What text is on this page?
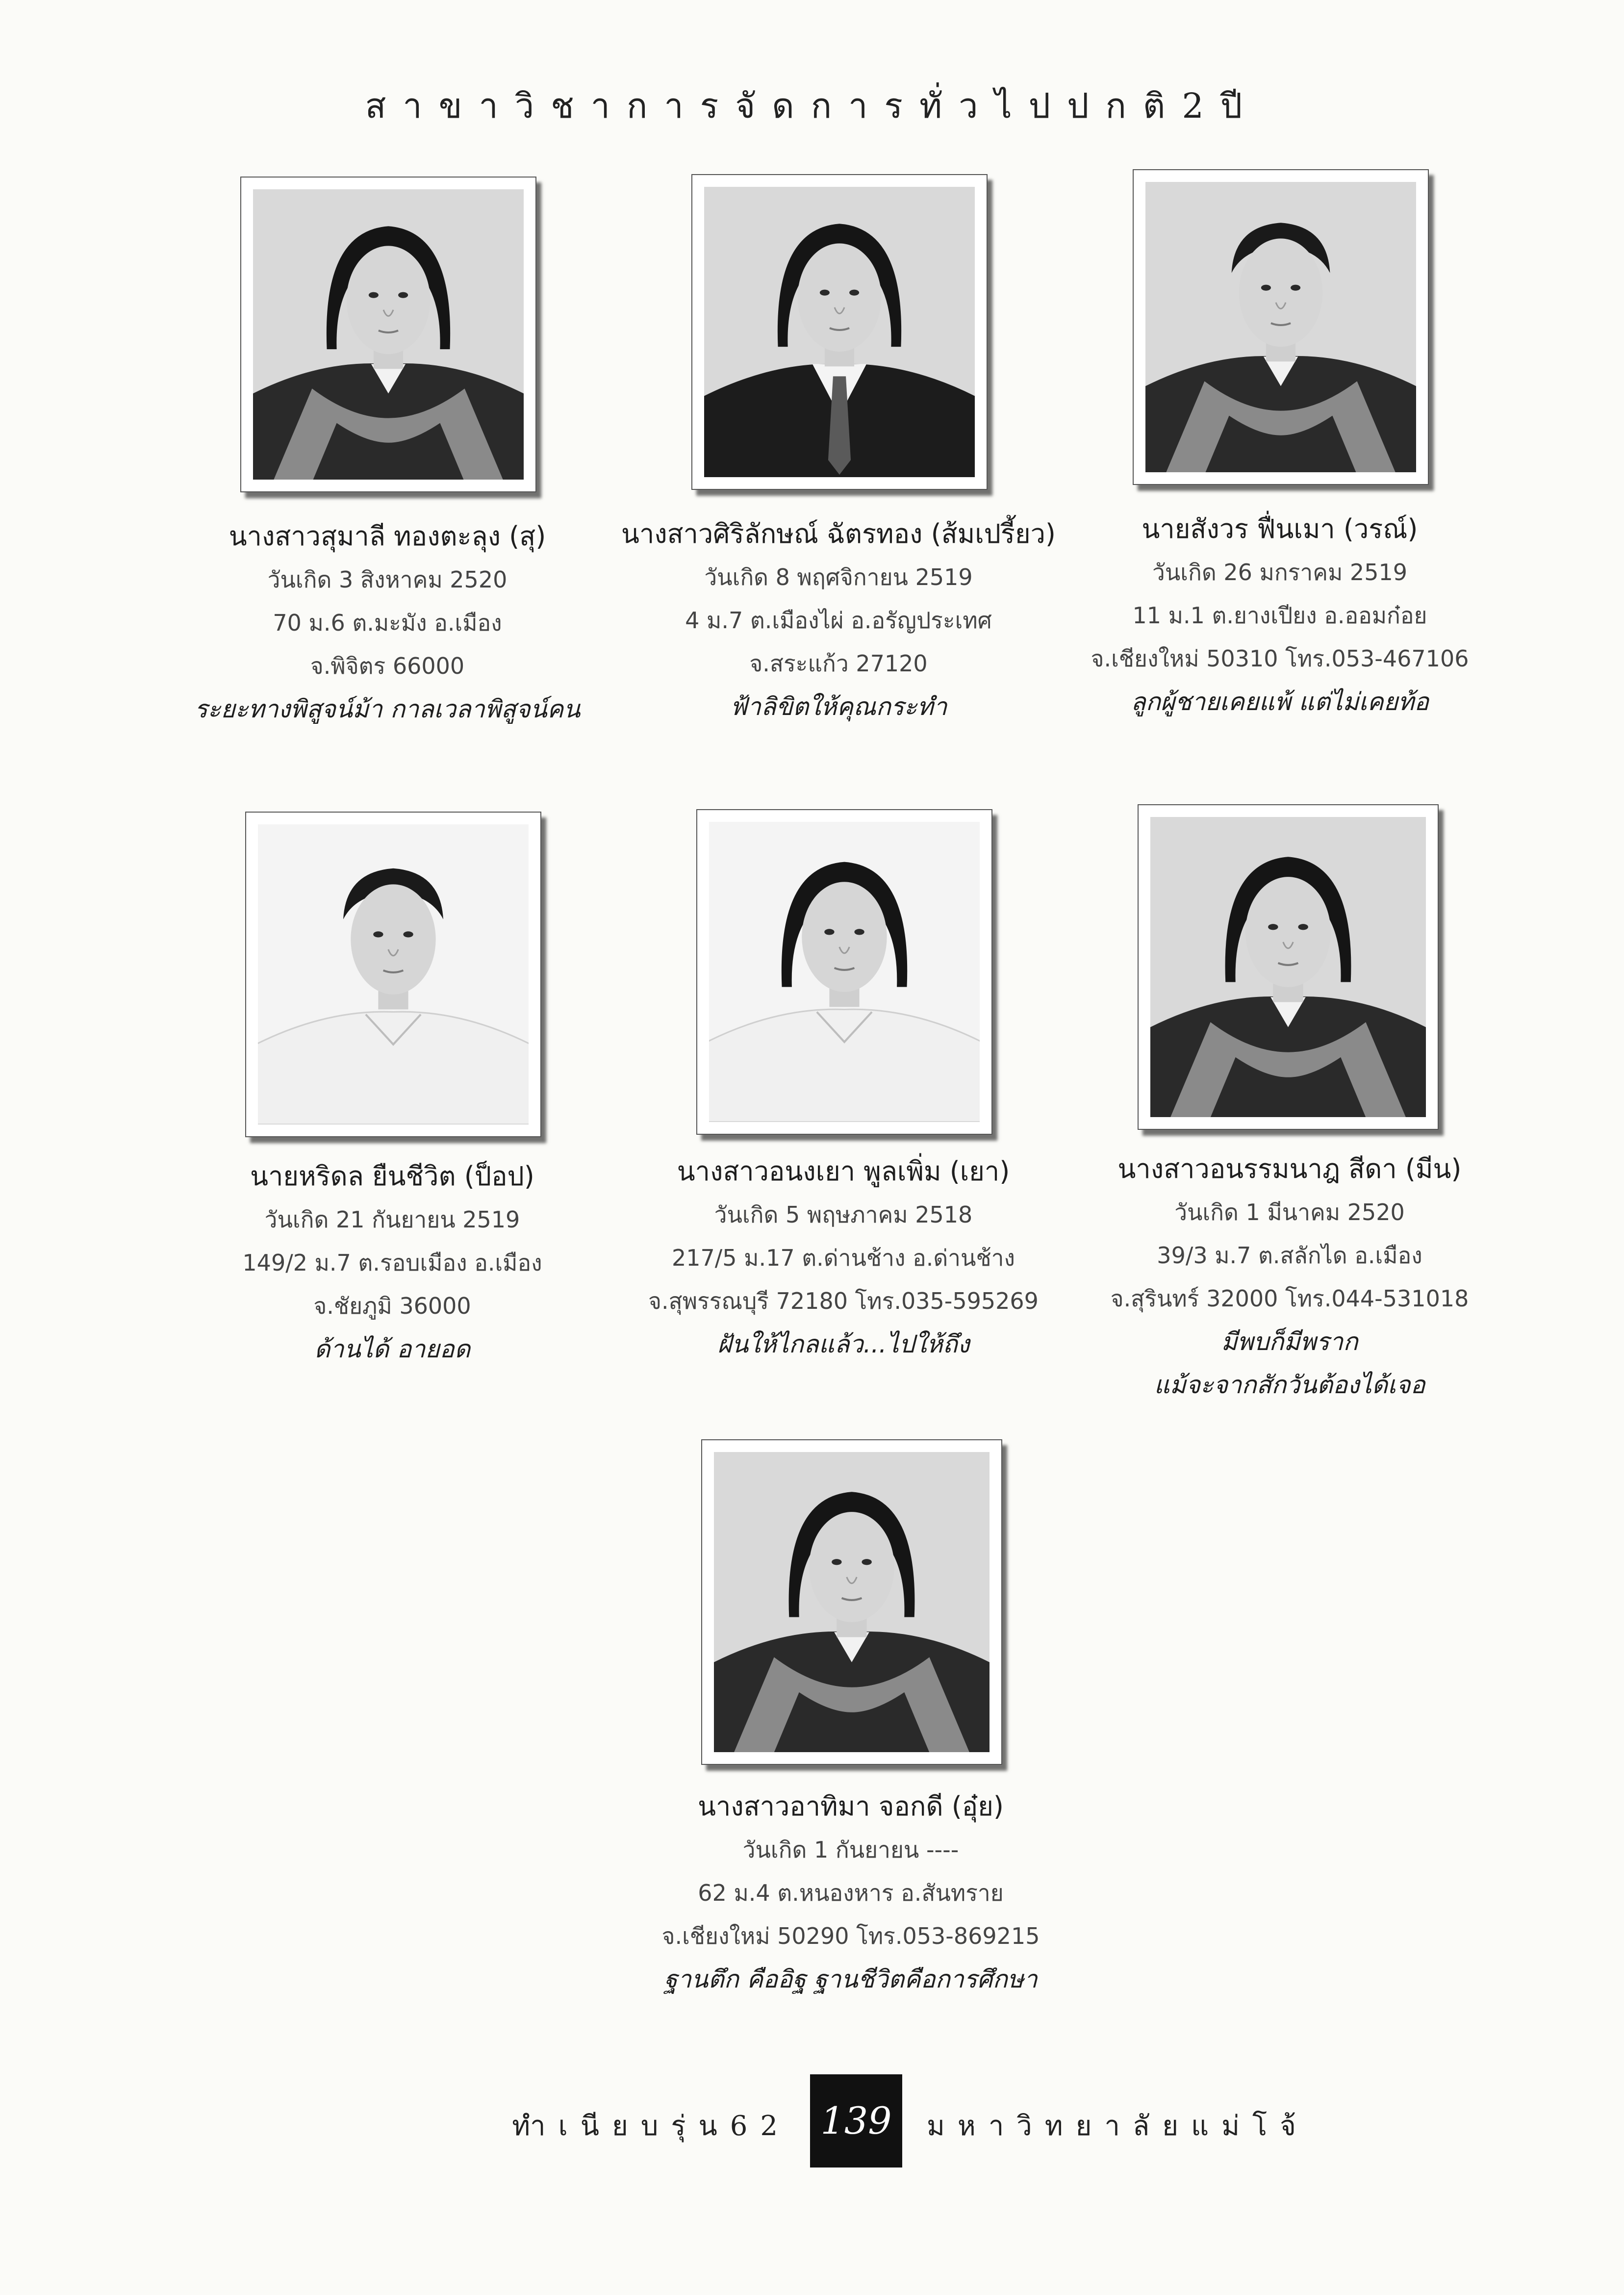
สาขาวิชาการจัดการทั่วไปปกติ2ปี
นางสาวสุมาลี ทองตะลุง (สุ)
วันเกิด 3 สิงหาคม 2520
70 ม.6 ต.มะมัง อ.เมือง
จ.พิจิตร 66000
ระยะทางพิสูจน์ม้า กาลเวลาพิสูจน์คน
นางสาวศิริลักษณ์ ฉัตรทอง (ส้มเปรี้ยว)
วันเกิด 8 พฤศจิกายน 2519
4 ม.7 ต.เมืองไผ่ อ.อรัญประเทศ
จ.สระแก้ว 27120
ฟ้าลิขิตให้คุณกระทำ
นายสังวร ฟื่นเมา (วรณ์)
วันเกิด 26 มกราคม 2519
11 ม.1 ต.ยางเปียง อ.ออมก๋อย
จ.เชียงใหม่ 50310 โทร.053-467106
ลูกผู้ชายเคยแพ้ แต่ไม่เคยท้อ
นายหริดล ยืนชีวิต (ป็อป)
วันเกิด 21 กันยายน 2519
149/2 ม.7 ต.รอบเมือง อ.เมือง
จ.ชัยภูมิ 36000
ด้านได้ อายอด
นางสาวอนงเยา พูลเพิ่ม (เยา)
วันเกิด 5 พฤษภาคม 2518
217/5 ม.17 ต.ด่านช้าง อ.ด่านช้าง
จ.สุพรรณบุรี 72180 โทร.035-595269
ฝันให้ไกลแล้ว...ไปให้ถึง
นางสาวอนรรมนาฎ สีดา (มีน)
วันเกิด 1 มีนาคม 2520
39/3 ม.7 ต.สลักได อ.เมือง
จ.สุรินทร์ 32000 โทร.044-531018
มีพบก็มีพราก
แม้จะจากสักวันต้องได้เจอ
นางสาวอาทิมา จอกดี (อุ๋ย)
วันเกิด 1 กันยายน ----
62 ม.4 ต.หนองหาร อ.สันทราย
จ.เชียงใหม่ 50290 โทร.053-869215
ฐานตึก คืออิฐ ฐานชีวิตคือการศึกษา
ทำเนียบรุ่น62 139	มหาวิทยาลัยแม่โจ้
